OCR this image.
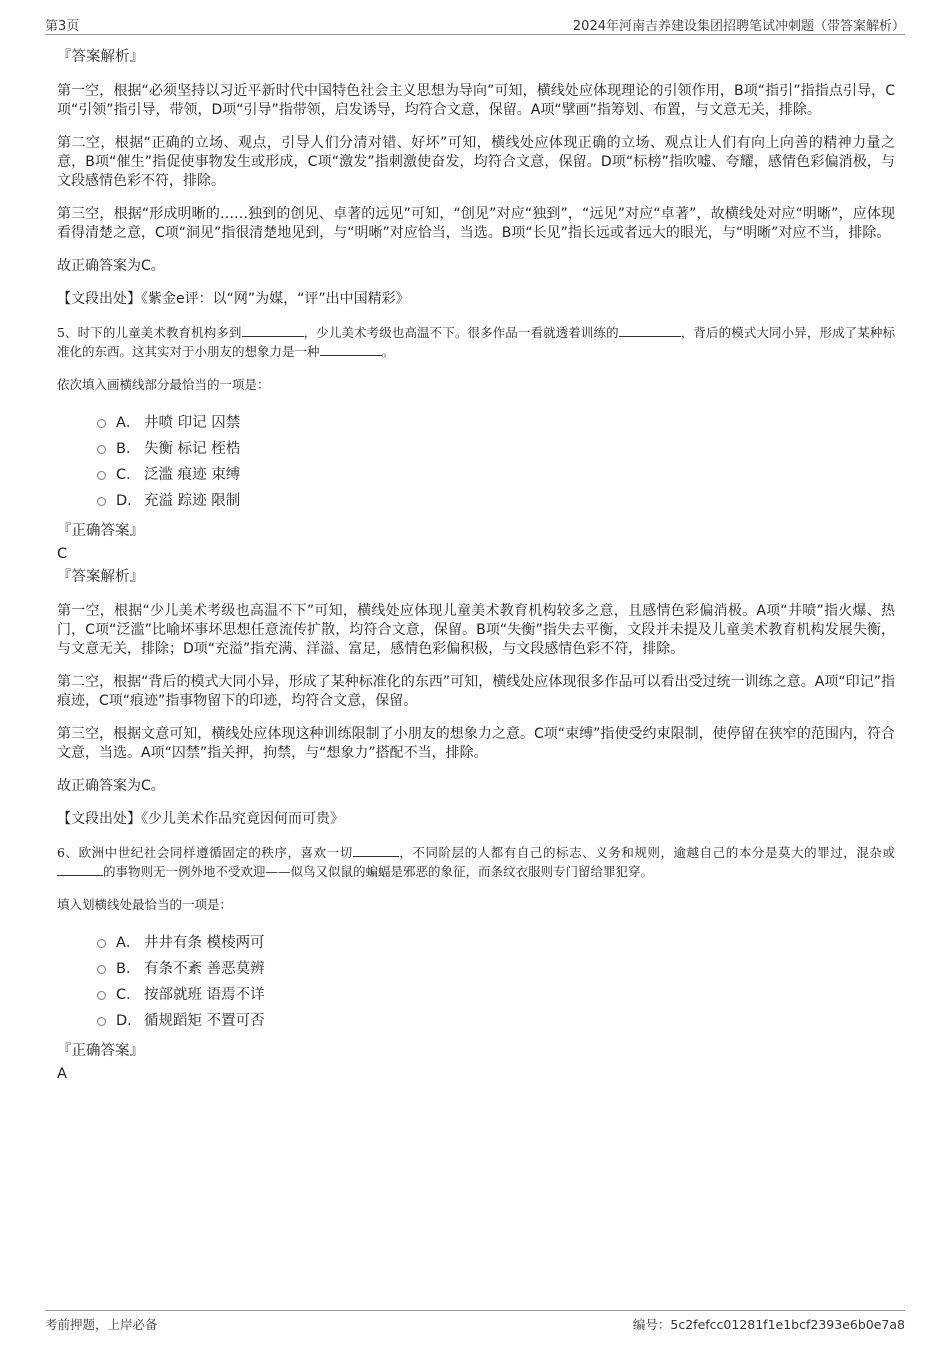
第3页	2024年河南吉养建设集团招聘笔试冲刺题（带答案解析）
『答案解析』

第一空，根据“必须坚持以习近平新时代中国特色社会主义思想为导向”可知，横线处应体现理论的引领作用，B项“指引”指指点引导，C项“引领”指引导，带领，D项“引导”指带领，启发诱导，均符合文意，保留。A项“擘画”指筹划、布置，与文意无关，排除。

第二空，根据“正确的立场、观点，引导人们分清对错、好坏”可知，横线处应体现正确的立场、观点让人们有向上向善的精神力量之意，B项“催生”指促使事物发生或形成，C项“激发”指刺激使奋发，均符合文意，保留。D项“标榜”指吹嘘、夸耀，感情色彩偏消极，与文段感情色彩不符，排除。

第三空，根据“形成明晰的……独到的创见、卓著的远见”可知，“创见”对应“独到”，“远见”对应“卓著”，故横线处对应“明晰”，应体现看得清楚之意，C项“洞见”指很清楚地见到，与“明晰”对应恰当，当选。B项“长见”指长远或者远大的眼光，与“明晰”对应不当，排除。

故正确答案为C。

【文段出处】《紫金e评：以“网”为媒，“评”出中国精彩》

5、时下的儿童美术教育机构多到	，少儿美术考级也高温不下。很多作品一看就透着训练的	，背后的模式大同小异，形成了某种标准化的东西。这其实对于小朋友的想象力是一种	。

依次填入画横线部分最恰当的一项是：

A． 井喷 印记 囚禁
B． 失衡 标记 桎梏
C． 泛滥 痕迹 束缚
D． 充溢 踪迹 限制
『正确答案』
C
『答案解析』

第一空，根据“少儿美术考级也高温不下”可知，横线处应体现儿童美术教育机构较多之意，且感情色彩偏消极。A项“井喷”指火爆、热门，C项“泛滥”比喻坏事坏思想任意流传扩散，均符合文意，保留。B项“失衡”指失去平衡，文段并未提及儿童美术教育机构发展失衡，与文意无关，排除；D项“充溢”指充满、洋溢、富足，感情色彩偏积极，与文段感情色彩不符，排除。

第二空，根据“背后的模式大同小异，形成了某种标准化的东西”可知，横线处应体现很多作品可以看出受过统一训练之意。A项“印记”指痕迹，C项“痕迹”指事物留下的印迹，均符合文意，保留。

第三空，根据文意可知，横线处应体现这种训练限制了小朋友的想象力之意。C项“束缚”指使受约束限制，使停留在狭窄的范围内，符合文意，当选。A项“囚禁”指关押，拘禁，与“想象力”搭配不当，排除。

故正确答案为C。

【文段出处】《少儿美术作品究竟因何而可贵》

6、欧洲中世纪社会同样遵循固定的秩序，喜欢一切	，不同阶层的人都有自己的标志、义务和规则，逾越自己的本分是莫大的罪过，混杂或的事物则无一例外地不受欢迎——似鸟又似鼠的蝙蝠是邪恶的象征，而条纹衣服则专门留给罪犯穿。

填入划横线处最恰当的一项是：

A． 井井有条 模棱两可
B． 有条不紊 善恶莫辨
C． 按部就班 语焉不详
D． 循规蹈矩 不置可否
『正确答案』
A
考前押题，上岸必备	编号：5c2fefcc01281f1e1bcf2393e6b0e7a8
